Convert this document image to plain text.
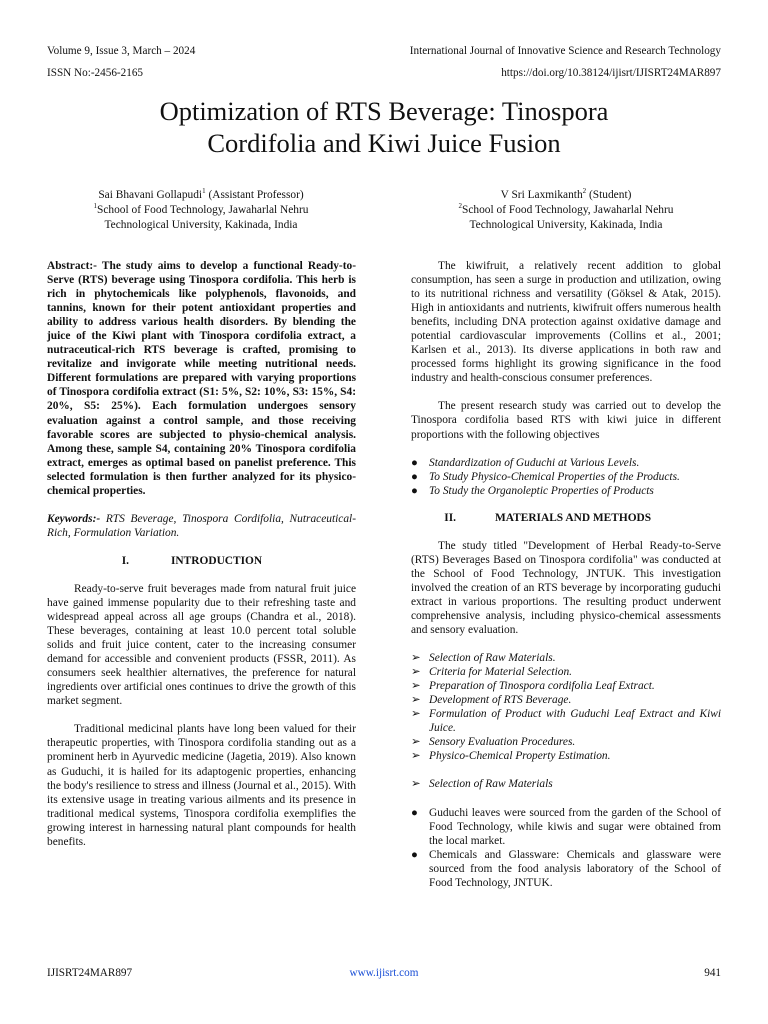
Volume 9, Issue 3, March – 2024	International Journal of Innovative Science and Research Technology
ISSN No:-2456-2165	https://doi.org/10.38124/ijisrt/IJISRT24MAR897
Optimization of RTS Beverage: Tinospora
Cordifolia and Kiwi Juice Fusion
Sai Bhavani Gollapudi$^1$ (Assistant Professor)
$^1$School of Food Technology, Jawaharlal Nehru
Technological University, Kakinada, India
V Sri Laxmikanth$^2$ (Student)
$^2$School of Food Technology, Jawaharlal Nehru
Technological University, Kakinada, India

Abstract:- The study aims to develop a functional Ready-to-Serve (RTS) beverage using Tinospora cordifolia. This herb is rich in phytochemicals like polyphenols, flavonoids, and tannins, known for their potent antioxidant properties and ability to address various health disorders. By blending the juice of the Kiwi plant with Tinospora cordifolia extract, a nutraceutical-rich RTS beverage is crafted, promising to revitalize and invigorate while meeting nutritional needs. Different formulations are prepared with varying proportions of Tinospora cordifolia extract (S1: 5%, S2: 10%, S3: 15%, S4: 20%, S5: 25%). Each formulation undergoes sensory evaluation against a control sample, and those receiving favorable scores are subjected to physio-chemical analysis. Among these, sample S4, containing 20% Tinospora cordifolia extract, emerges as optimal based on panelist preference. This selected formulation is then further analyzed for its physico-chemical properties.

Keywords:- RTS Beverage, Tinospora Cordifolia, Nutraceutical-Rich, Formulation Variation.

I.	INTRODUCTION

Ready-to-serve fruit beverages made from natural fruit juice have gained immense popularity due to their refreshing taste and widespread appeal across all age groups (Chandra et al., 2018). These beverages, containing at least 10.0 percent total soluble solids and fruit juice content, cater to the increasing consumer demand for accessible and convenient products (FSSR, 2011). As consumers seek healthier alternatives, the preference for natural ingredients over artificial ones continues to drive the growth of this market segment.

Traditional medicinal plants have long been valued for their therapeutic properties, with Tinospora cordifolia standing out as a prominent herb in Ayurvedic medicine (Jagetia, 2019). Also known as Guduchi, it is hailed for its adaptogenic properties, enhancing the body's resilience to stress and illness (Journal et al., 2015). With its extensive usage in treating various ailments and its presence in traditional medical systems, Tinospora cordifolia exemplifies the growing interest in harnessing natural plant compounds for health benefits.

The kiwifruit, a relatively recent addition to global consumption, has seen a surge in production and utilization, owing to its nutritional richness and versatility (Göksel & Atak, 2015). High in antioxidants and nutrients, kiwifruit offers numerous health benefits, including DNA protection against oxidative damage and potential cardiovascular improvements (Collins et al., 2001; Karlsen et al., 2013). Its diverse applications in both raw and processed forms highlight its growing significance in the food industry and health-conscious consumer preferences.

The present research study was carried out to develop the Tinospora cordifolia based RTS with kiwi juice in different proportions with the following objectives

● Standardization of Guduchi at Various Levels.
● To Study Physico-Chemical Properties of the Products.
● To Study the Organoleptic Properties of Products
II.	MATERIALS AND METHODS

The study titled "Development of Herbal Ready-to-Serve (RTS) Beverages Based on Tinospora cordifolia" was conducted at the School of Food Technology, JNTUK. This investigation involved the creation of an RTS beverage by incorporating guduchi extract in various proportions. The resulting product underwent comprehensive analysis, including physico-chemical assessments and sensory evaluation.

➢ Selection of Raw Materials.
➢ Criteria for Material Selection.
➢ Preparation of Tinospora cordifolia Leaf Extract.
➢ Development of RTS Beverage.
➢ Formulation of Product with Guduchi Leaf Extract and Kiwi Juice.
➢ Sensory Evaluation Procedures.
➢ Physico-Chemical Property Estimation.
➢ Selection of Raw Materials
● Guduchi leaves were sourced from the garden of the School of Food Technology, while kiwis and sugar were obtained from the local market.
● Chemicals and Glassware: Chemicals and glassware were sourced from the food analysis laboratory of the School of Food Technology, JNTUK.
IJISRT24MAR897	www.ijisrt.com	941
